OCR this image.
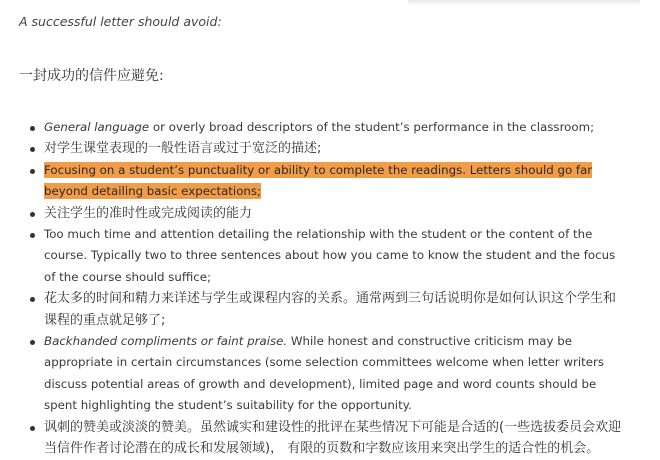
A successful letter should avoid:
一封成功的信件应避免:
General language or overly broad descriptors of the student’s performance in the classroom;
对学生课堂表现的一般性语言或过于宽泛的描述;
Focusing on a student’s punctuality or ability to complete the readings. Letters should go far beyond detailing basic expectations;
关注学生的准时性或完成阅读的能力
Too much time and attention detailing the relationship with the student or the content of the course. Typically two to three sentences about how you came to know the student and the focus of the course should suffice;
花太多的时间和精力来详述与学生或课程内容的关系。通常两到三句话说明你是如何认识这个学生和课程的重点就足够了;
Backhanded compliments or faint praise. While honest and constructive criticism may be appropriate in certain circumstances (some selection committees welcome when letter writers discuss potential areas of growth and development), limited page and word counts should be spent highlighting the student’s suitability for the opportunity.
讽刺的赞美或淡淡的赞美。虽然诚实和建设性的批评在某些情况下可能是合适的(一些选拔委员会欢迎当信件作者讨论潜在的成长和发展领域)， 有限的页数和字数应该用来突出学生的适合性的机会。
